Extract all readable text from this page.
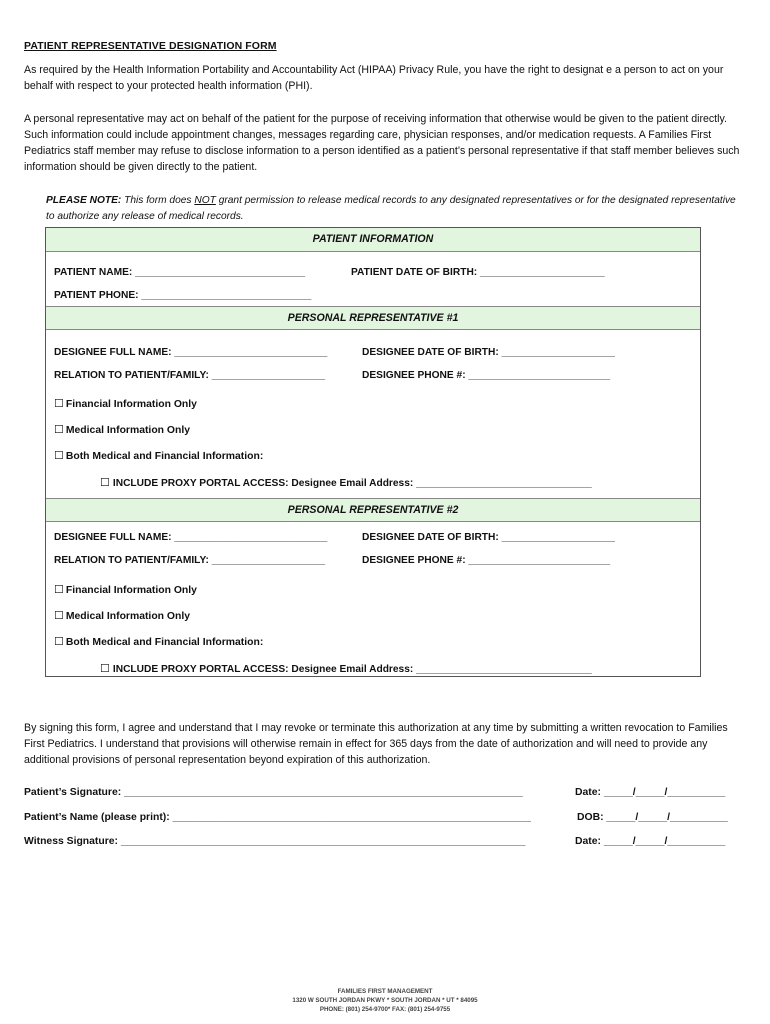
PATIENT REPRESENTATIVE DESIGNATION FORM
As required by the Health Information Portability and Accountability Act (HIPAA) Privacy Rule, you have the right to designat e a person to act on your behalf with respect to your protected health information (PHI).
A personal representative may act on behalf of the patient for the purpose of receiving information that otherwise would be given to the patient directly. Such information could include appointment changes, messages regarding care, physician responses, and/or medication requests. A Families First Pediatrics staff member may refuse to disclose information to a person identified as a patient’s personal representative if that staff member believes such information should be given directly to the patient.
PLEASE NOTE: This form does NOT grant permission to release medical records to any designated representatives or for the designated representative to authorize any release of medical records.
PATIENT INFORMATION
PATIENT NAME: ______________________________	PATIENT DATE OF BIRTH: ______________________
PATIENT PHONE: ______________________________
PERSONAL REPRESENTATIVE #1
DESIGNEE FULL NAME: ___________________________	DESIGNEE DATE OF BIRTH: ____________________
RELATION TO PATIENT/FAMILY: ____________________	DESIGNEE PHONE #: _________________________
☐ Financial Information Only
☐ Medical Information Only
☐ Both Medical and Financial Information:
☐ INCLUDE PROXY PORTAL ACCESS: Designee Email Address: _______________________________
PERSONAL REPRESENTATIVE #2
DESIGNEE FULL NAME: ___________________________	DESIGNEE DATE OF BIRTH: ____________________
RELATION TO PATIENT/FAMILY: ____________________	DESIGNEE PHONE #: _________________________
☐ Financial Information Only
☐ Medical Information Only
☐ Both Medical and Financial Information:
☐ INCLUDE PROXY PORTAL ACCESS: Designee Email Address: _______________________________
By signing this form, I agree and understand that I may revoke or terminate this authorization at any time by submitting a written revocation to Families First Pediatrics. I understand that provisions will otherwise remain in effect for 365 days from the date of authorization and will need to provide any additional provisions of personal representation beyond expiration of this authorization.
Patient’s Signature: _____________________________________________________________________	Date: _____/_____/__________
Patient’s Name (please print): ______________________________________________________________	DOB: _____/_____/__________
Witness Signature: ______________________________________________________________________	Date: _____/_____/__________
FAMILIES FIRST MANAGEMENT
1320 W SOUTH JORDAN PKWY * SOUTH JORDAN * UT * 84095
PHONE: (801) 254-9700* FAX: (801) 254-9755
